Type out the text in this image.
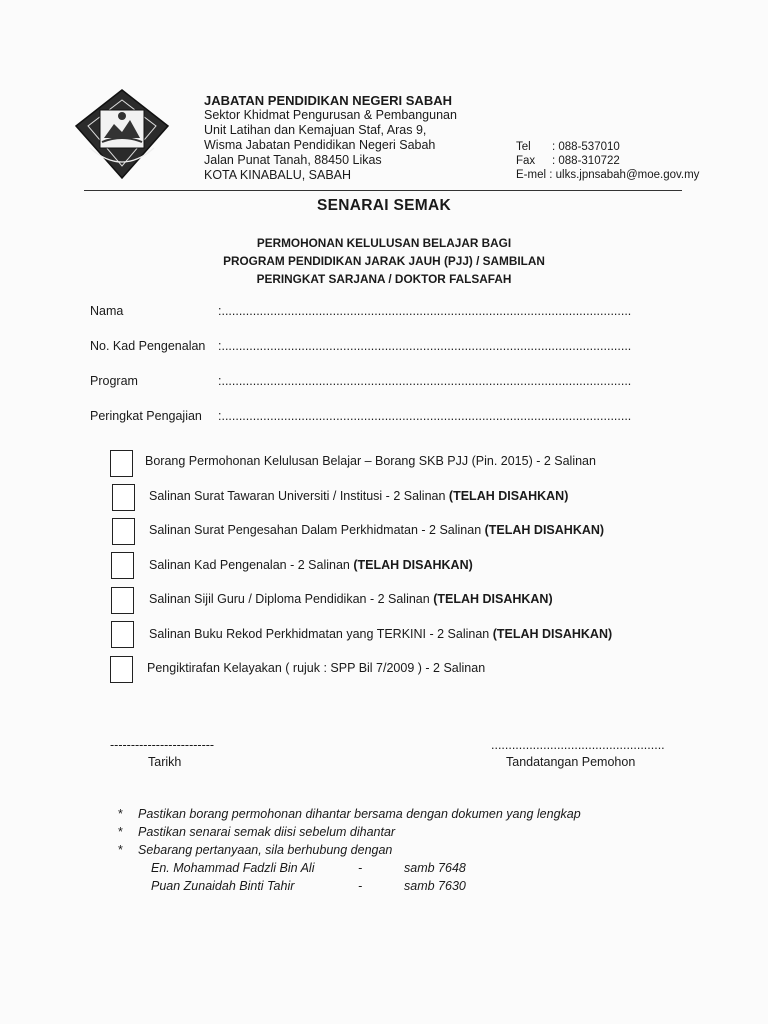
JABATAN PENDIDIKAN NEGERI SABAH
Sektor Khidmat Pengurusan & Pembangunan
Unit Latihan dan Kemajuan Staf, Aras 9,
Wisma Jabatan Pendidikan Negeri Sabah
Jalan Punat Tanah, 88450 Likas
KOTA KINABALU, SABAH
Tel : 088-537010
Fax : 088-310722
E-mel : ulks.jpnsabah@moe.gov.my
SENARAI SEMAK
PERMOHONAN KELULUSAN BELAJAR BAGI
PROGRAM PENDIDIKAN JARAK JAUH (PJJ) / SAMBILAN
PERINGKAT SARJANA / DOKTOR FALSAFAH
Nama	:......................................................................................................................
No. Kad Pengenalan :......................................................................................................................
Program	:......................................................................................................................
Peringkat Pengajian :......................................................................................................................
Borang Permohonan Kelulusan Belajar – Borang SKB PJJ (Pin. 2015) - 2 Salinan
Salinan Surat Tawaran Universiti / Institusi - 2 Salinan (TELAH DISAHKAN)
Salinan Surat Pengesahan Dalam Perkhidmatan - 2 Salinan (TELAH DISAHKAN)
Salinan Kad Pengenalan - 2 Salinan (TELAH DISAHKAN)
Salinan Sijil Guru / Diploma Pendidikan - 2 Salinan (TELAH DISAHKAN)
Salinan Buku Rekod Perkhidmatan yang TERKINI - 2 Salinan (TELAH DISAHKAN)
Pengiktirafan Kelayakan ( rujuk : SPP Bil 7/2009 ) - 2 Salinan
-------------------------
Tarikh
..................................................
Tandatangan Pemohon
* Pastikan borang permohonan dihantar bersama dengan dokumen yang lengkap
* Pastikan senarai semak diisi sebelum dihantar
* Sebarang pertanyaan, sila berhubung dengan
En. Mohammad Fadzli Bin Ali	-	samb 7648
Puan Zunaidah Binti Tahir	-	samb 7630
